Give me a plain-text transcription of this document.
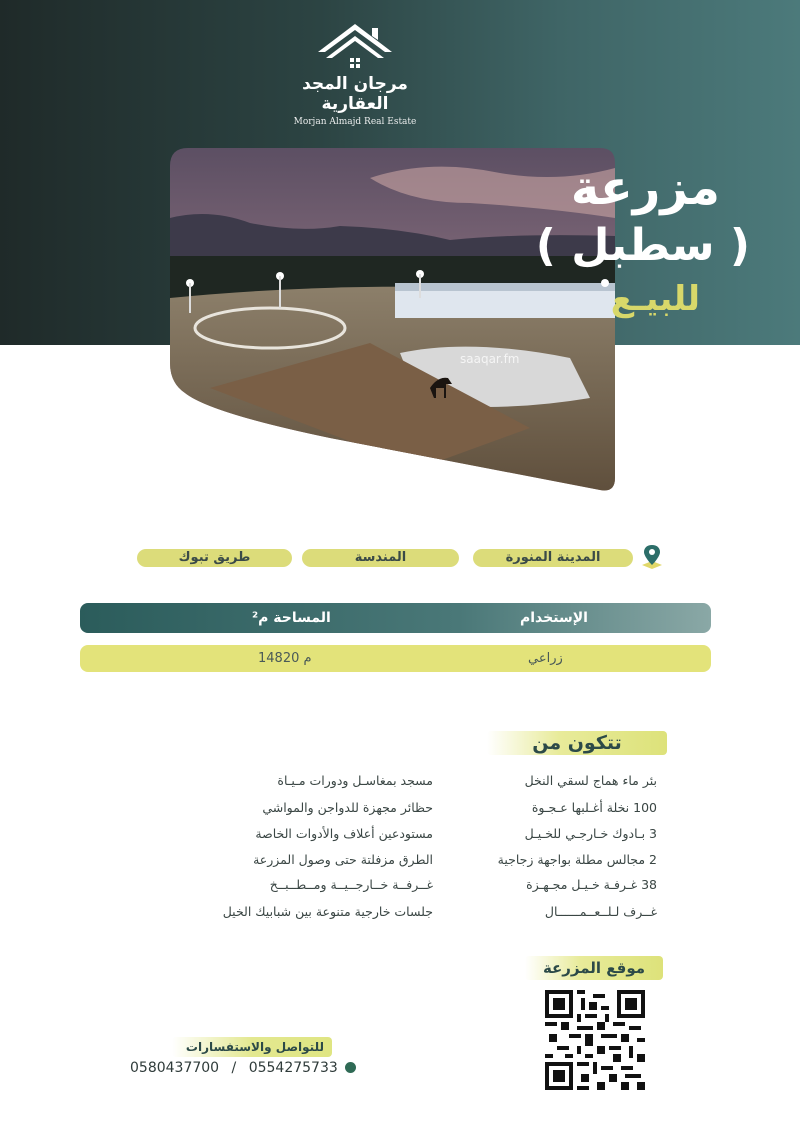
مرجان المجد العقارية
Morjan Almajd Real Estate
saaqar.fm
مزرعة
( سطبل )
للبيـع
المدينة المنورة
المندسة
طريق تبوك
الإستخدام
المساحة م²
زراعي
14820 م
تتكون من
بئر ماء هماج لسقي النخل
100 نخلة أغـلبها عـجـوة
3 بـادوك خـارجـي للخـيـل
2 مجالس مطلة بواجهة زجاجية
38 غـرفـة خـيـل مجـهـزة
غــرف لـلــعــمــــــال
مسجد بمغاسـل ودورات مـيـاة
حظائر مجهزة للدواجن والمواشي
مستودعين أعلاف والأدوات الخاصة
الطرق مزفلتة حتى وصول المزرعة
غــرفــة خــارجــيــة ومــطــبــخ
جلسات خارجية متنوعة بين شبابيك الخيل
موقع المزرعة
للتواصل والاستفسارات
0580437700 / 0554275733
